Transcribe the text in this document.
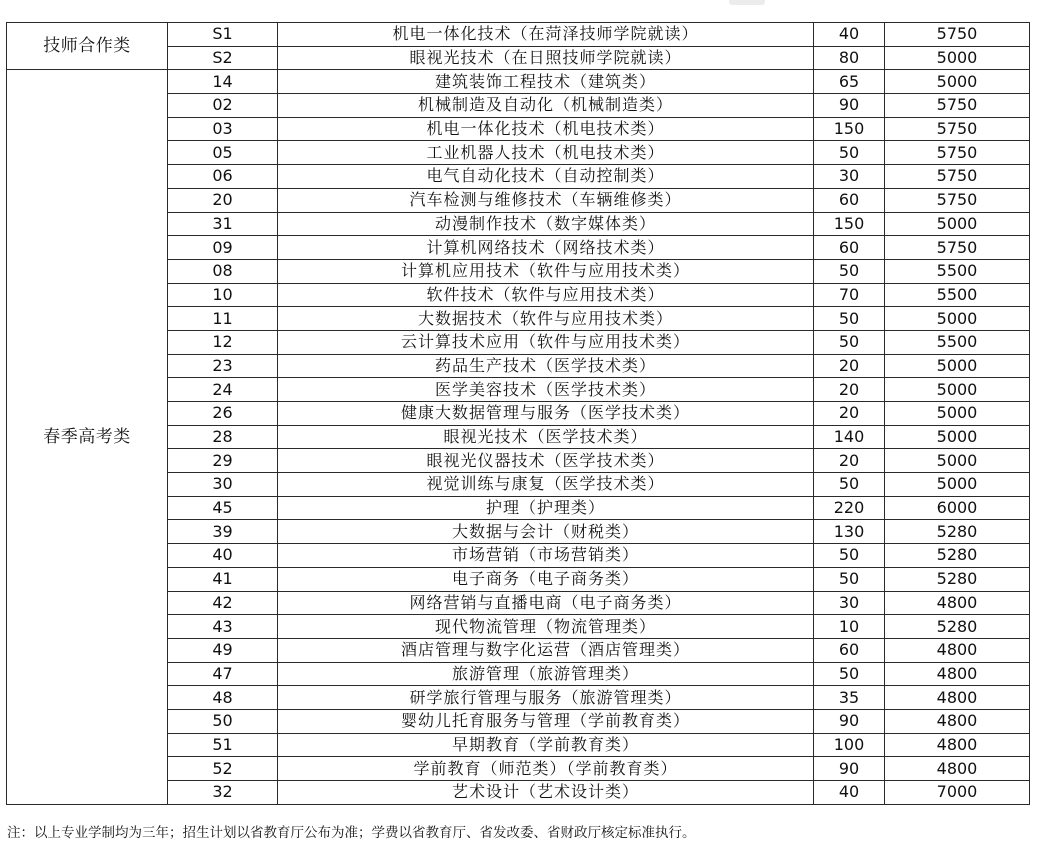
技师合作类	S1	机电一体化技术（在菏泽技师学院就读）	40	5750
	S2	眼视光技术（在日照技师学院就读）	80	5000
春季高考类	14	建筑装饰工程技术（建筑类）	65	5000
	02	机械制造及自动化（机械制造类）	90	5750
	03	机电一体化技术（机电技术类）	150	5750
	05	工业机器人技术（机电技术类）	50	5750
	06	电气自动化技术（自动控制类）	30	5750
	20	汽车检测与维修技术（车辆维修类）	60	5750
	31	动漫制作技术（数字媒体类）	150	5000
	09	计算机网络技术（网络技术类）	60	5750
	08	计算机应用技术（软件与应用技术类）	50	5500
	10	软件技术（软件与应用技术类）	70	5500
	11	大数据技术（软件与应用技术类）	50	5000
	12	云计算技术应用（软件与应用技术类）	50	5500
	23	药品生产技术（医学技术类）	20	5000
	24	医学美容技术（医学技术类）	20	5000
	26	健康大数据管理与服务（医学技术类）	20	5000
	28	眼视光技术（医学技术类）	140	5000
	29	眼视光仪器技术（医学技术类）	20	5000
	30	视觉训练与康复（医学技术类）	50	5000
	45	护理（护理类）	220	6000
	39	大数据与会计（财税类）	130	5280
	40	市场营销（市场营销类）	50	5280
	41	电子商务（电子商务类）	50	5280
	42	网络营销与直播电商（电子商务类）	30	4800
	43	现代物流管理（物流管理类）	10	5280
	49	酒店管理与数字化运营（酒店管理类）	60	4800
	47	旅游管理（旅游管理类）	50	4800
	48	研学旅行管理与服务（旅游管理类）	35	4800
	50	婴幼儿托育服务与管理（学前教育类）	90	4800
	51	早期教育（学前教育类）	100	4800
	52	学前教育（师范类）（学前教育类）	90	4800
	32	艺术设计（艺术设计类）	40	7000
注：以上专业学制均为三年；招生计划以省教育厅公布为准；学费以省教育厅、省发改委、省财政厅核定标准执行。
